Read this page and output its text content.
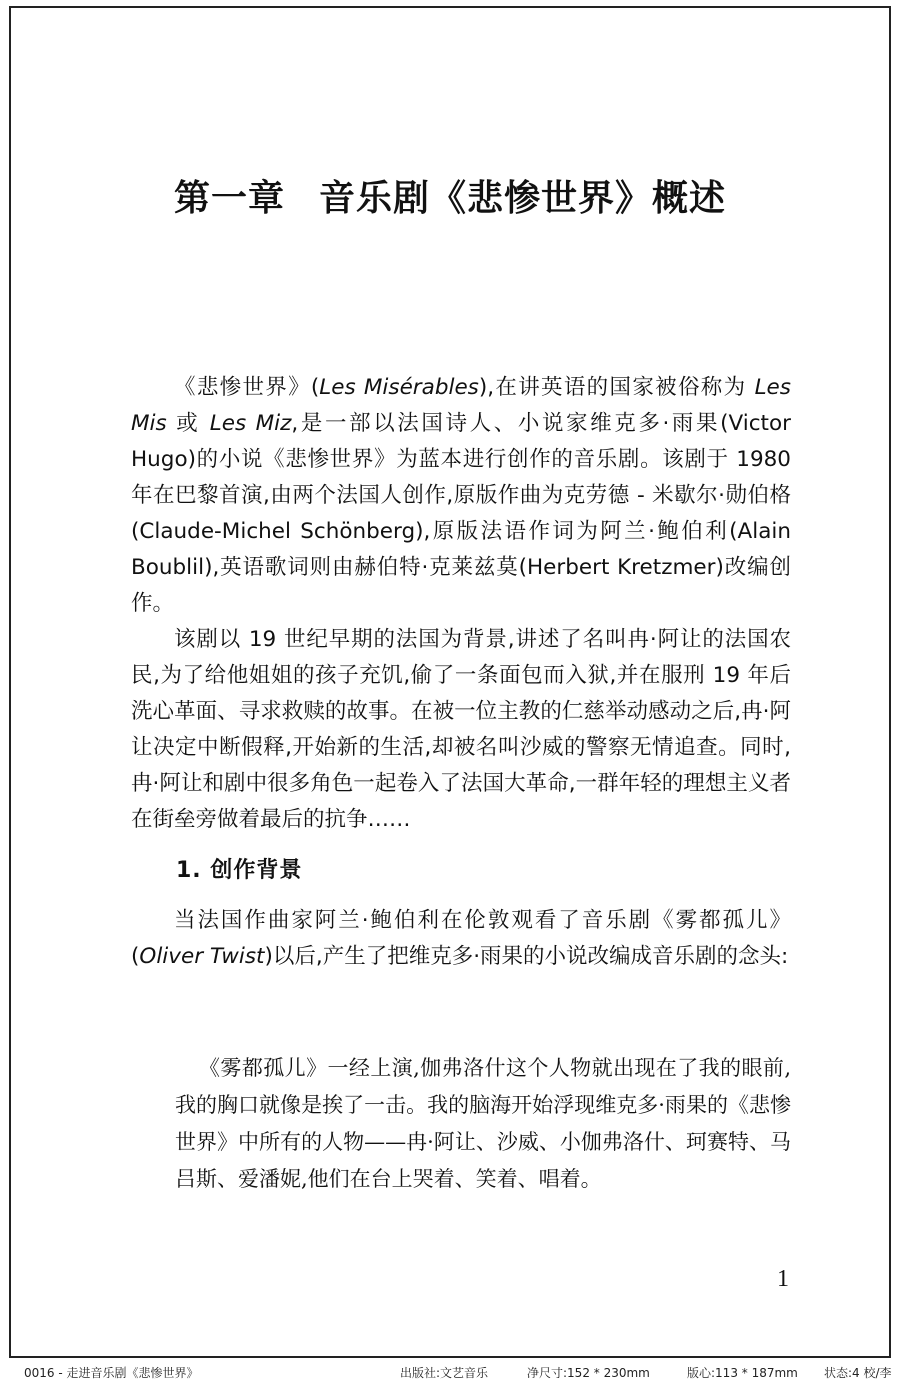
第一章 音乐剧《悲惨世界》概述

《悲惨世界》(Les Misérables),在讲英语的国家被俗称为 Les Mis 或 Les Miz,是一部以法国诗人、小说家维克多·雨果(Victor Hugo)的小说《悲惨世界》为蓝本进行创作的音乐剧。该剧于 1980 年在巴黎首演,由两个法国人创作,原版作曲为克劳德 - 米歇尔·勋伯格(Claude-Michel Schönberg),原版法语作词为阿兰·鲍伯利(Alain Boublil),英语歌词则由赫伯特·克莱兹莫(Herbert Kretzmer)改编创作。

该剧以 19 世纪早期的法国为背景,讲述了名叫冉·阿让的法国农民,为了给他姐姐的孩子充饥,偷了一条面包而入狱,并在服刑 19 年后洗心革面、寻求救赎的故事。在被一位主教的仁慈举动感动之后,冉·阿让决定中断假释,开始新的生活,却被名叫沙威的警察无情追查。同时,冉·阿让和剧中很多角色一起卷入了法国大革命,一群年轻的理想主义者在街垒旁做着最后的抗争……

1. 创作背景

当法国作曲家阿兰·鲍伯利在伦敦观看了音乐剧《雾都孤儿》(Oliver Twist)以后,产生了把维克多·雨果的小说改编成音乐剧的念头:

《雾都孤儿》一经上演,伽弗洛什这个人物就出现在了我的眼前,我的胸口就像是挨了一击。我的脑海开始浮现维克多·雨果的《悲惨世界》中所有的人物——冉·阿让、沙威、小伽弗洛什、珂赛特、马吕斯、爱潘妮,他们在台上哭着、笑着、唱着。

1
0016 - 走进音乐剧《悲惨世界》	出版社:文艺音乐	净尺寸:152 * 230mm	版心:113 * 187mm 状态:4 校/李
